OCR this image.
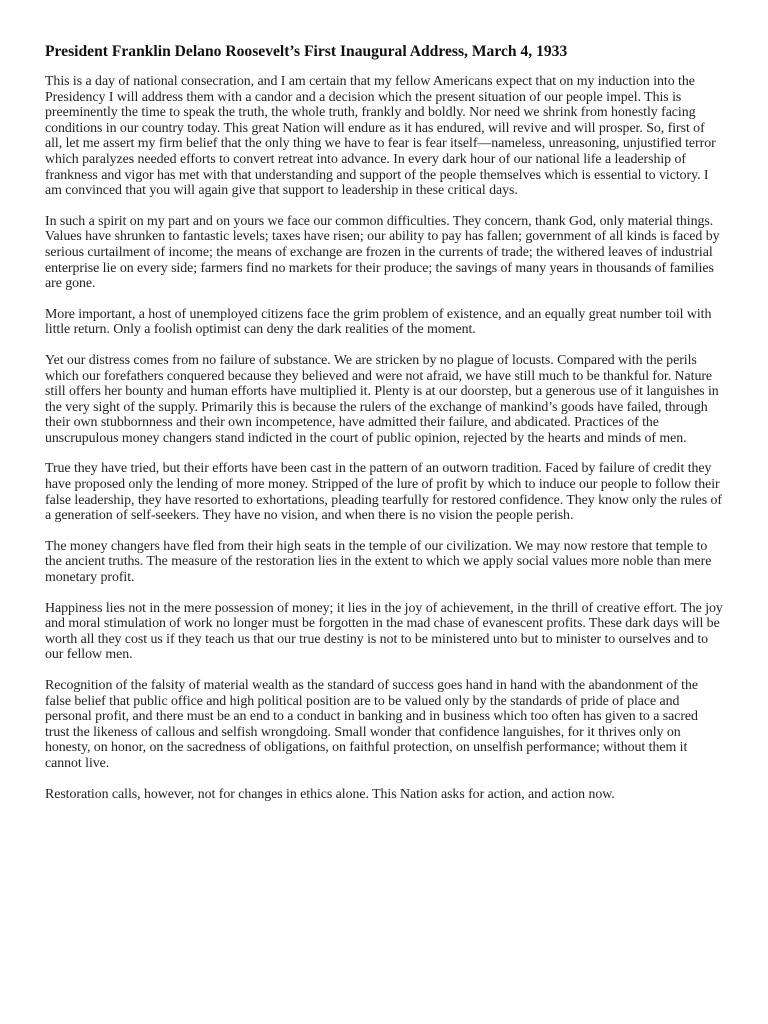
President Franklin Delano Roosevelt’s First Inaugural Address, March 4, 1933

This is a day of national consecration, and I am certain that my fellow Americans expect that on my induction into the Presidency I will address them with a candor and a decision which the present situation of our people impel. This is preeminently the time to speak the truth, the whole truth, frankly and boldly. Nor need we shrink from honestly facing conditions in our country today. This great Nation will endure as it has endured, will revive and will prosper. So, first of all, let me assert my firm belief that the only thing we have to fear is fear itself—nameless, unreasoning, unjustified terror which paralyzes needed efforts to convert retreat into advance. In every dark hour of our national life a leadership of frankness and vigor has met with that understanding and support of the people themselves which is essential to victory. I am convinced that you will again give that support to leadership in these critical days.

In such a spirit on my part and on yours we face our common difficulties. They concern, thank God, only material things. Values have shrunken to fantastic levels; taxes have risen; our ability to pay has fallen; government of all kinds is faced by serious curtailment of income; the means of exchange are frozen in the currents of trade; the withered leaves of industrial enterprise lie on every side; farmers find no markets for their produce; the savings of many years in thousands of families are gone.

More important, a host of unemployed citizens face the grim problem of existence, and an equally great number toil with little return. Only a foolish optimist can deny the dark realities of the moment.

Yet our distress comes from no failure of substance. We are stricken by no plague of locusts. Compared with the perils which our forefathers conquered because they believed and were not afraid, we have still much to be thankful for. Nature still offers her bounty and human efforts have multiplied it. Plenty is at our doorstep, but a generous use of it languishes in the very sight of the supply. Primarily this is because the rulers of the exchange of mankind’s goods have failed, through their own stubbornness and their own incompetence, have admitted their failure, and abdicated. Practices of the unscrupulous money changers stand indicted in the court of public opinion, rejected by the hearts and minds of men.

True they have tried, but their efforts have been cast in the pattern of an outworn tradition. Faced by failure of credit they have proposed only the lending of more money. Stripped of the lure of profit by which to induce our people to follow their false leadership, they have resorted to exhortations, pleading tearfully for restored confidence. They know only the rules of a generation of self-seekers. They have no vision, and when there is no vision the people perish.

The money changers have fled from their high seats in the temple of our civilization. We may now restore that temple to the ancient truths. The measure of the restoration lies in the extent to which we apply social values more noble than mere monetary profit.

Happiness lies not in the mere possession of money; it lies in the joy of achievement, in the thrill of creative effort. The joy and moral stimulation of work no longer must be forgotten in the mad chase of evanescent profits. These dark days will be worth all they cost us if they teach us that our true destiny is not to be ministered unto but to minister to ourselves and to our fellow men.

Recognition of the falsity of material wealth as the standard of success goes hand in hand with the abandonment of the false belief that public office and high political position are to be valued only by the standards of pride of place and personal profit, and there must be an end to a conduct in banking and in business which too often has given to a sacred trust the likeness of callous and selfish wrongdoing. Small wonder that confidence languishes, for it thrives only on honesty, on honor, on the sacredness of obligations, on faithful protection, on unselfish performance; without them it cannot live.

Restoration calls, however, not for changes in ethics alone. This Nation asks for action, and action now.
